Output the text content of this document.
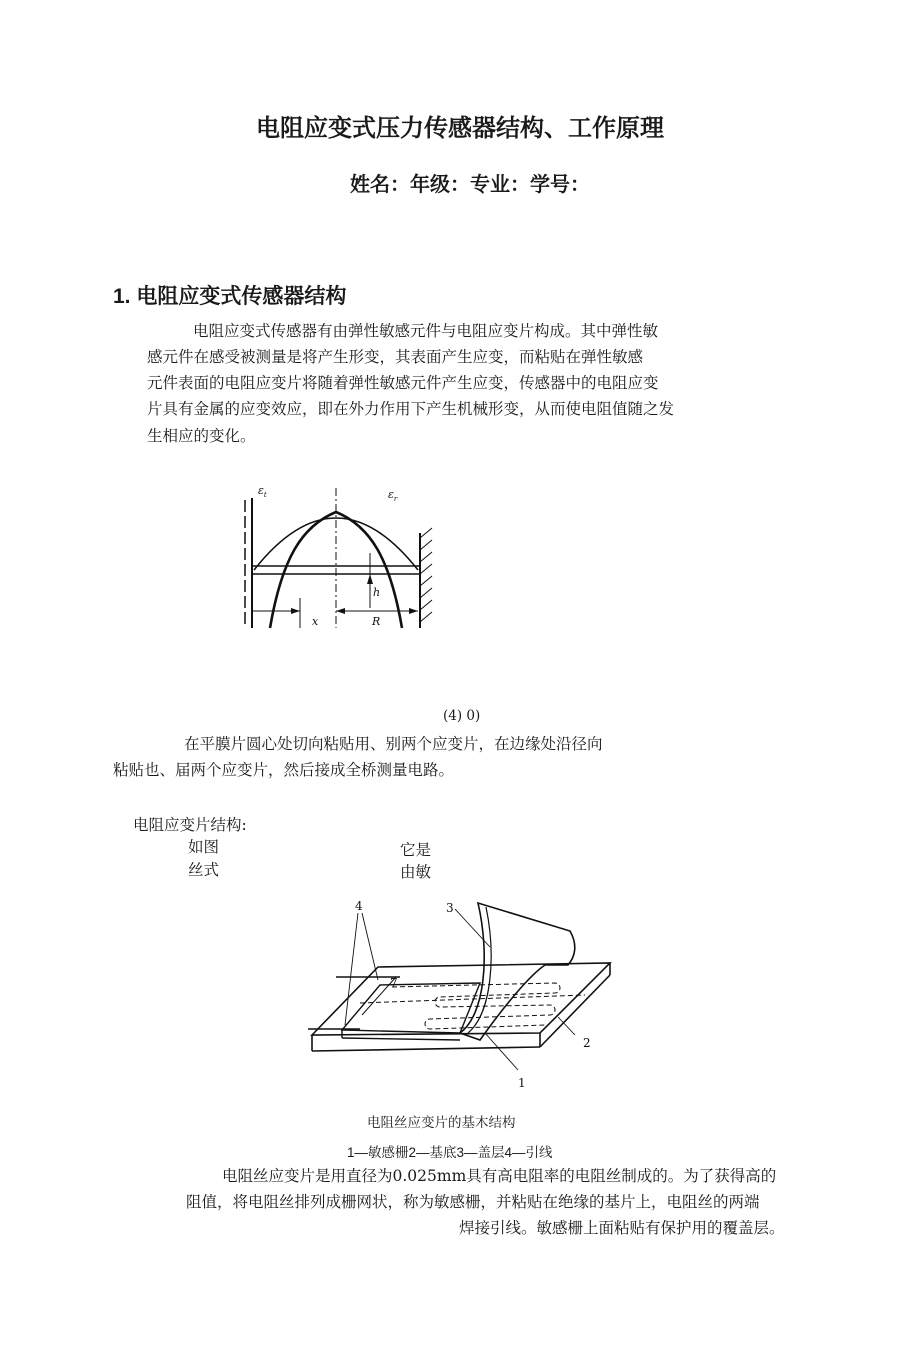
电阻应变式压力传感器结构、工作原理
姓名：年级：专业：学号：
1. 电阻应变式传感器结构
电阻应变式传感器有由弹性敏感元件与电阻应变片构成。其中弹性敏
感元件在感受被测量是将产生形变，其表面产生应变，而粘贴在弹性敏感
元件表面的电阻应变片将随着弹性敏感元件产生应变，传感器中的电阻应变
片具有金属的应变效应，即在外力作用下产生机械形变，从而使电阻值随之发
生相应的变化。
$\varepsilon_t$	$\varepsilon_r$
h
x	R
(4) 0)
在平膜片圆心处切向粘贴用、别两个应变片，在边缘处沿径向
粘贴也、届两个应变片，然后接成全桥测量电路。
电阻应变片结构:
如图
丝式
它是
由敏
4	3
2
1
7
电阻丝应变片的基木结构
1—敏感栅2—基底3—盖层4—引线
电阻丝应变片是用直径为0.025mm具有高电阻率的电阻丝制成的。为了获得高的
阻值，将电阻丝排列成栅网状，称为敏感栅，并粘贴在绝缘的基片上，电阻丝的两端
焊接引线。敏感栅上面粘贴有保护用的覆盖层。
